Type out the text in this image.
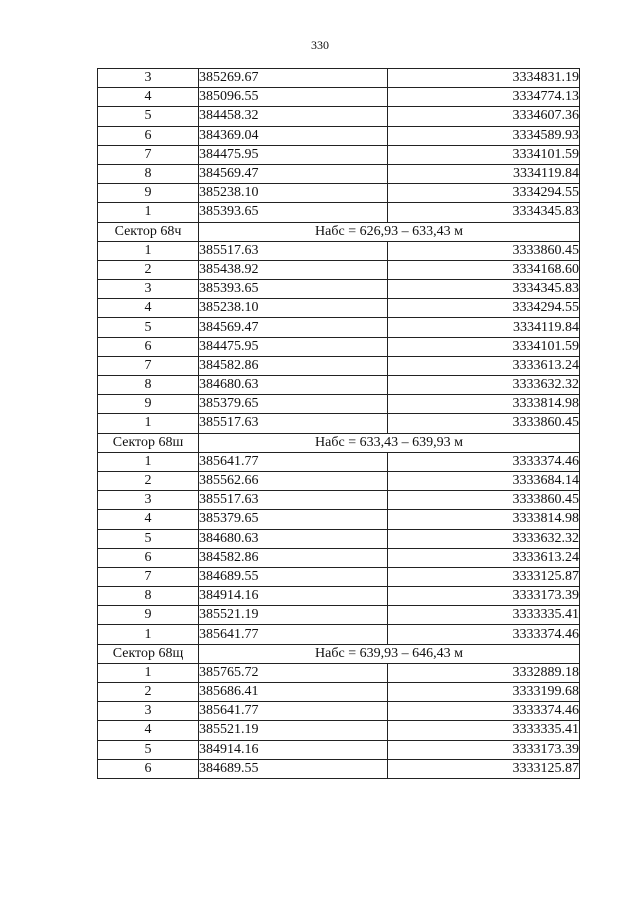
330
3	385269.67	3334831.19
4	385096.55	3334774.13
5	384458.32	3334607.36
6	384369.04	3334589.93
7	384475.95	3334101.59
8	384569.47	3334119.84
9	385238.10	3334294.55
1	385393.65	3334345.83
Сектор 68ч	Набс = 626,93 – 633,43 м	
1	385517.63	3333860.45
2	385438.92	3334168.60
3	385393.65	3334345.83
4	385238.10	3334294.55
5	384569.47	3334119.84
6	384475.95	3334101.59
7	384582.86	3333613.24
8	384680.63	3333632.32
9	385379.65	3333814.98
1	385517.63	3333860.45
Сектор 68ш	Набс = 633,43 – 639,93 м	
1	385641.77	3333374.46
2	385562.66	3333684.14
3	385517.63	3333860.45
4	385379.65	3333814.98
5	384680.63	3333632.32
6	384582.86	3333613.24
7	384689.55	3333125.87
8	384914.16	3333173.39
9	385521.19	3333335.41
1	385641.77	3333374.46
Сектор 68щ	Набс = 639,93 – 646,43 м	
1	385765.72	3332889.18
2	385686.41	3333199.68
3	385641.77	3333374.46
4	385521.19	3333335.41
5	384914.16	3333173.39
6	384689.55	3333125.87
